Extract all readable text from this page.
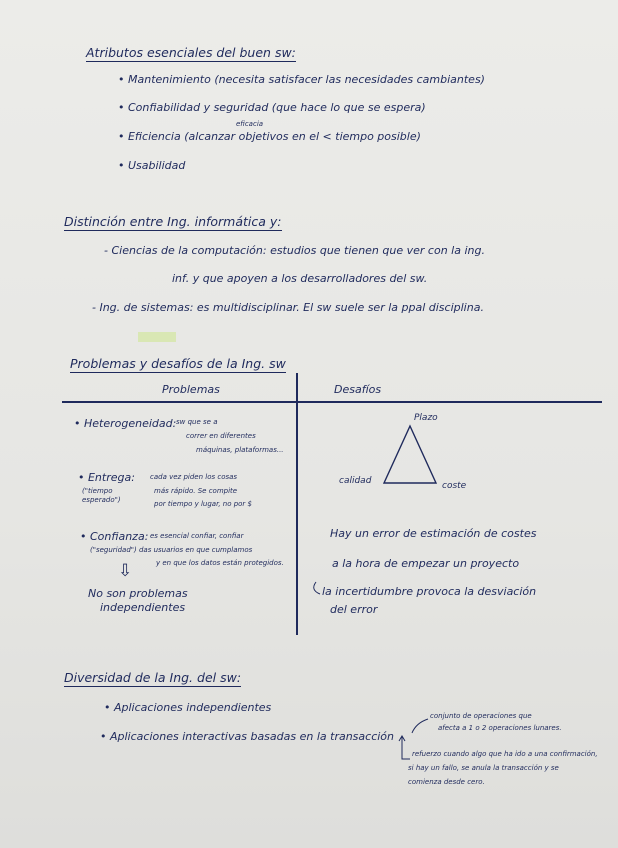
Atributos esenciales del buen sw:
eficacia
• Mantenimiento (necesita satisfacer las necesidades cambiantes)
• Confiabilidad y seguridad (que hace lo que se espera)
• Eficiencia (alcanzar objetivos en el < tiempo posible)
• Usabilidad
Distinción entre Ing. informática y:
- Ciencias de la computación: estudios que tienen que ver con la ing.
inf. y que apoyen a los desarrolladores del sw.
- Ing. de sistemas: es multidisciplinar. El sw suele ser la ppal disciplina.
Problemas y desafíos de la Ing. sw
Problemas	Desafíos
• Heterogeneidad: sw que se a
correr en diferentes
máquinas, plataformas...
• Entrega:
("tiempo
esperado")
cada vez piden los cosas
más rápido. Se compite
por tiempo y lugar, no por $
• Confianza: es esencial confiar, confiar
("seguridad") das usuarios en que cumplamos
y en que los datos están protegidos.
⇩
No son problemas
independientes
Plazo
calidad	coste
Hay un error de estimación de costes
a la hora de empezar un proyecto
la incertidumbre provoca la desviación
del error
Diversidad de la Ing. del sw:
• Aplicaciones independientes
• Aplicaciones interactivas basadas en la transacción
conjunto de operaciones que
afecta a 1 o 2 operaciones lunares.
refuerzo cuando algo que ha ido a una confirmación,
si hay un fallo, se anula la transacción y se
comienza desde cero.
